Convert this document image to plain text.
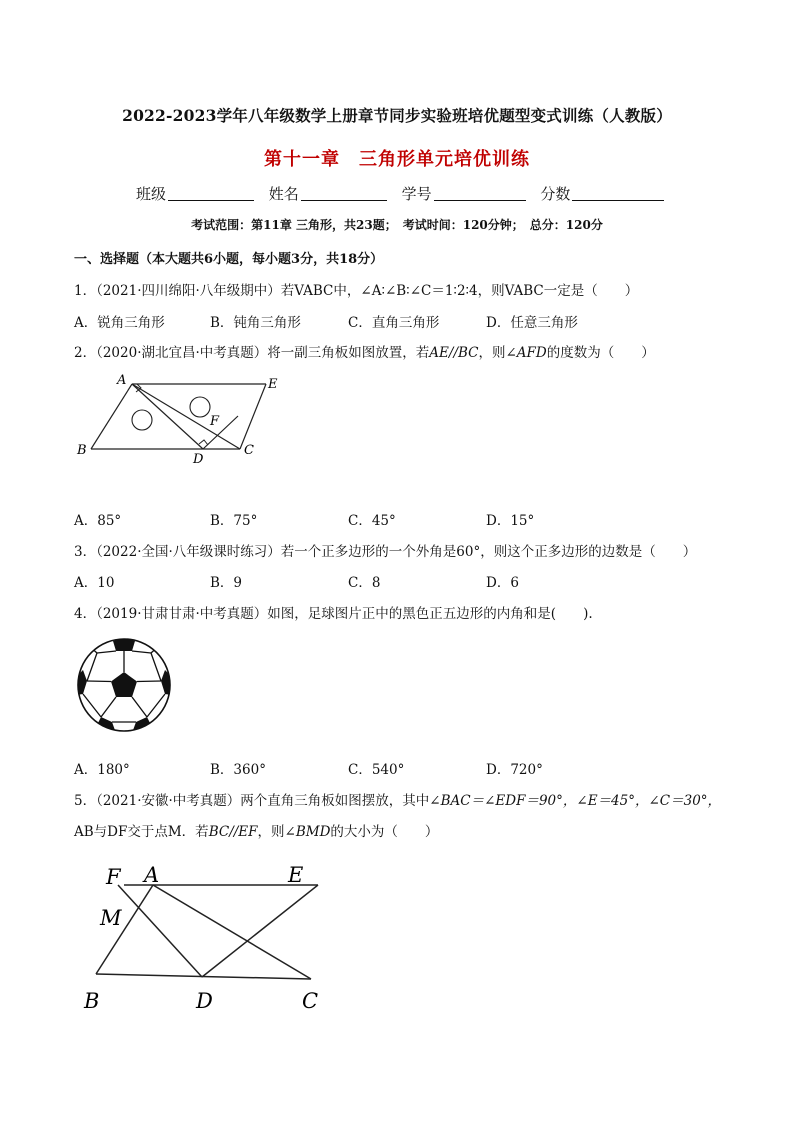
2022-2023学年八年级数学上册章节同步实验班培优题型变式训练（人教版）
第十一章　三角形单元培优训练
班级	姓名	学号	分数
考试范围：第11章 三角形，共23题；　考试时间：120分钟；　总分：120分
一、选择题（本大题共6小题，每小题3分，共18分）
1．（2021·四川绵阳·八年级期中）若VABC中，∠A∶∠B∶∠C＝1∶2∶4，则VABC一定是（　　）
A．锐角三角形	B．钝角三角形	C．直角三角形	D．任意三角形
2．（2020·湖北宜昌·中考真题）将一副三角板如图放置，若AE//BC，则∠AFD的度数为（　　）
A	E
F
B
D
C
A．85°	B．75°	C．45°	D．15°
3．（2022·全国·八年级课时练习）若一个正多边形的一个外角是60°，则这个正多边形的边数是（　　）
A．10	B．9	C．8	D．6
4．（2019·甘肃甘肃·中考真题）如图，足球图片正中的黑色正五边形的内角和是(　　).
A．180°	B．360°	C．540°	D．720°
5．（2021·安徽·中考真题）两个直角三角板如图摆放，其中∠BAC＝∠EDF＝90°，∠E＝45°，∠C＝30°，
AB与DF交于点M．若BC//EF，则∠BMD的大小为（　　）
F A	E
M
B	D	C
